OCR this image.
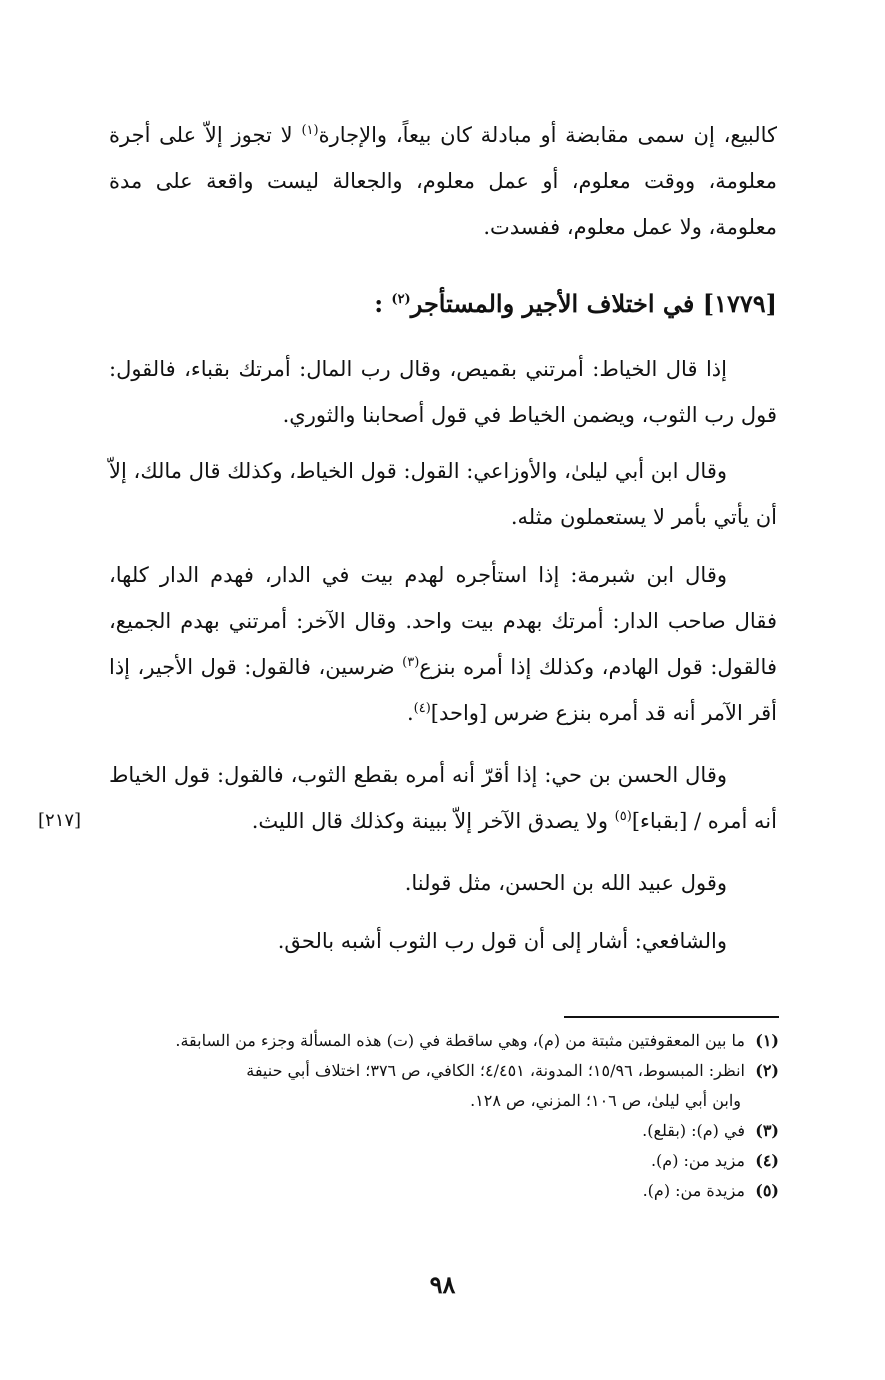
كالبيع، إن سمى مقابضة أو مبادلة كان بيعاً، والإجارة$^{(١)}$ لا تجوز إلاّ على أجرة معلومة، ووقت معلوم، أو عمل معلوم، والجعالة ليست واقعة على مدة معلومة، ولا عمل معلوم، ففسدت.

[١٧٧٩] في اختلاف الأجير والمستأجر$^{(٢)}$ :

إذا قال الخياط: أمرتني بقميص، وقال رب المال: أمرتك بقباء، فالقول: قول رب الثوب، ويضمن الخياط في قول أصحابنا والثوري.

وقال ابن أبي ليلىٰ، والأوزاعي: القول: قول الخياط، وكذلك قال مالك، إلاّ أن يأتي بأمر لا يستعملون مثله.

وقال ابن شبرمة: إذا استأجره لهدم بيت في الدار، فهدم الدار كلها، فقال صاحب الدار: أمرتك بهدم بيت واحد. وقال الآخر: أمرتني بهدم الجميع، فالقول: قول الهادم، وكذلك إذا أمره بنزع$^{(٣)}$ ضرسين، فالقول: قول الأجير، إذا أقر الآمر أنه قد أمره بنزع ضرس [واحد]$^{(٤)}$.

وقال الحسن بن حي: إذا أقرّ أنه أمره بقطع الثوب، فالقول: قول الخياط أنه أمره / [بقباء]$^{(٥)}$ ولا يصدق الآخر إلاّ ببينة وكذلك قال الليث.

[٢١٧]

وقول عبيد الله بن الحسن، مثل قولنا.

والشافعي: أشار إلى أن قول رب الثوب أشبه بالحق.

(١)ما بين المعقوفتين مثبتة من (م)، وهي ساقطة في (ت) هذه المسألة وجزء من السابقة.
(٢)انظر: المبسوط، ١٥/٩٦؛ المدونة، ٤/٤٥١؛ الكافي، ص ٣٧٦؛ اختلاف أبي حنيفة
وابن أبي ليلىٰ، ص ١٠٦؛ المزني، ص ١٢٨.
(٣)في (م): (بقلع).
(٤)مزيد من: (م).
(٥)مزيدة من: (م).
٩٨
